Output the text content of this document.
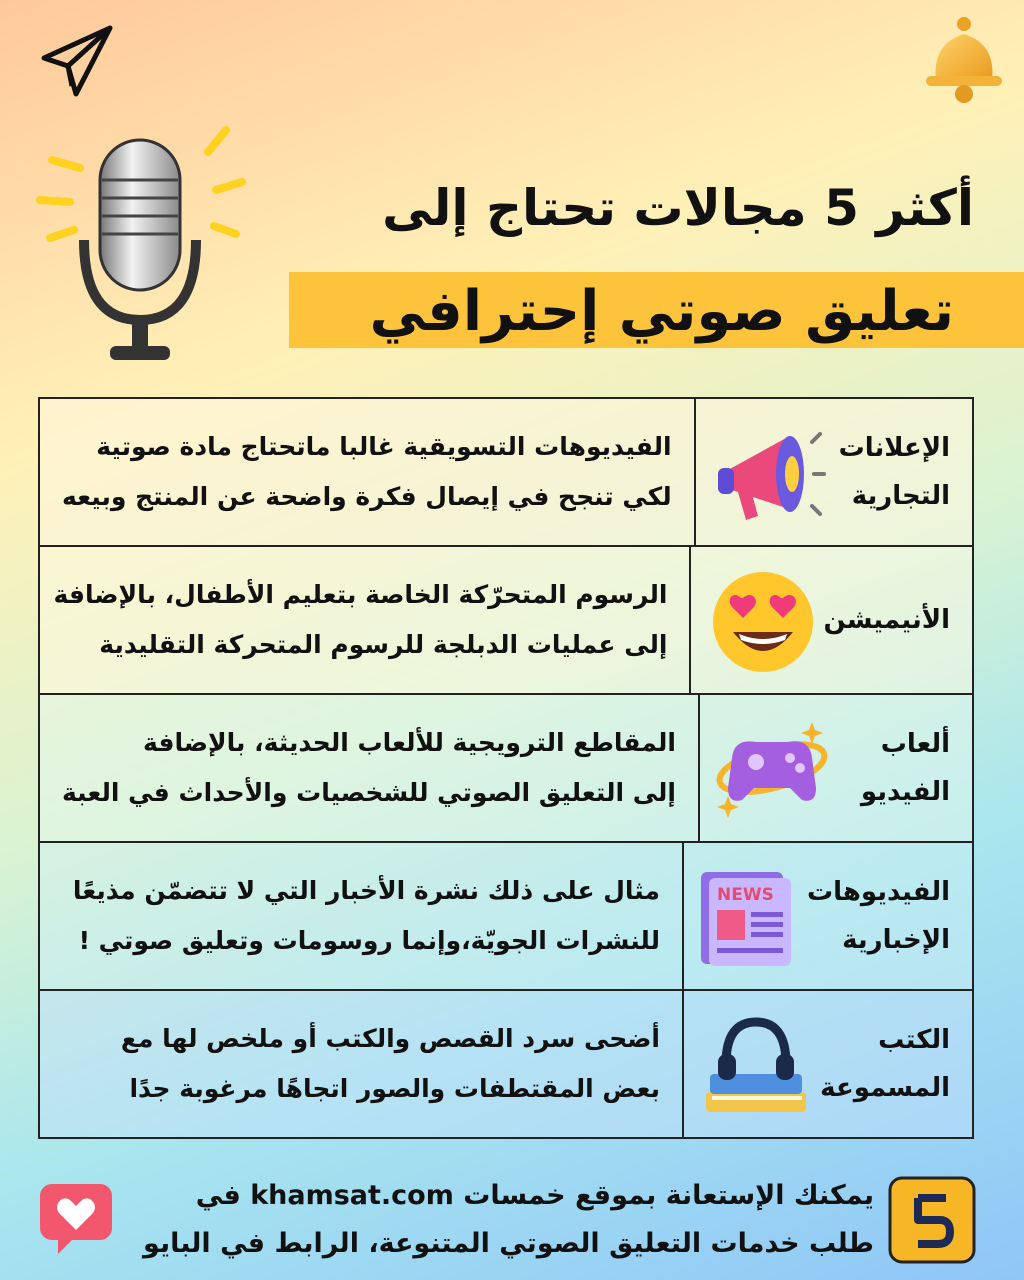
أكثر 5 مجالات تحتاج إلى
تعليق صوتي إحترافي
الإعلانات
التجارية
الفيديوهات التسويقية غالبا ماتحتاج مادة صوتية
لكي تنجح في إيصال فكرة واضحة عن المنتج وبيعه
الأنيميشن
الرسوم المتحرّكة الخاصة بتعليم الأطفال، بالإضافة
إلى عمليات الدبلجة للرسوم المتحركة التقليدية
ألعاب
الفيديو
المقاطع الترويجية للألعاب الحديثة، بالإضافة
إلى التعليق الصوتي للشخصيات والأحداث في العبة
الفيديوهات
الإخبارية
NEWS
مثال على ذلك نشرة الأخبار التي لا تتضمّن مذيعًا
للنشرات الجويّة،وإنما روسومات وتعليق صوتي !
الكتب
المسموعة
أضحى سرد القصص والكتب أو ملخص لها مع
بعض المقتطفات والصور اتجاهًا مرغوبة جدًا
يمكنك الإستعانة بموقع خمسات khamsat.com في
طلب خدمات التعليق الصوتي المتنوعة، الرابط في البايو
